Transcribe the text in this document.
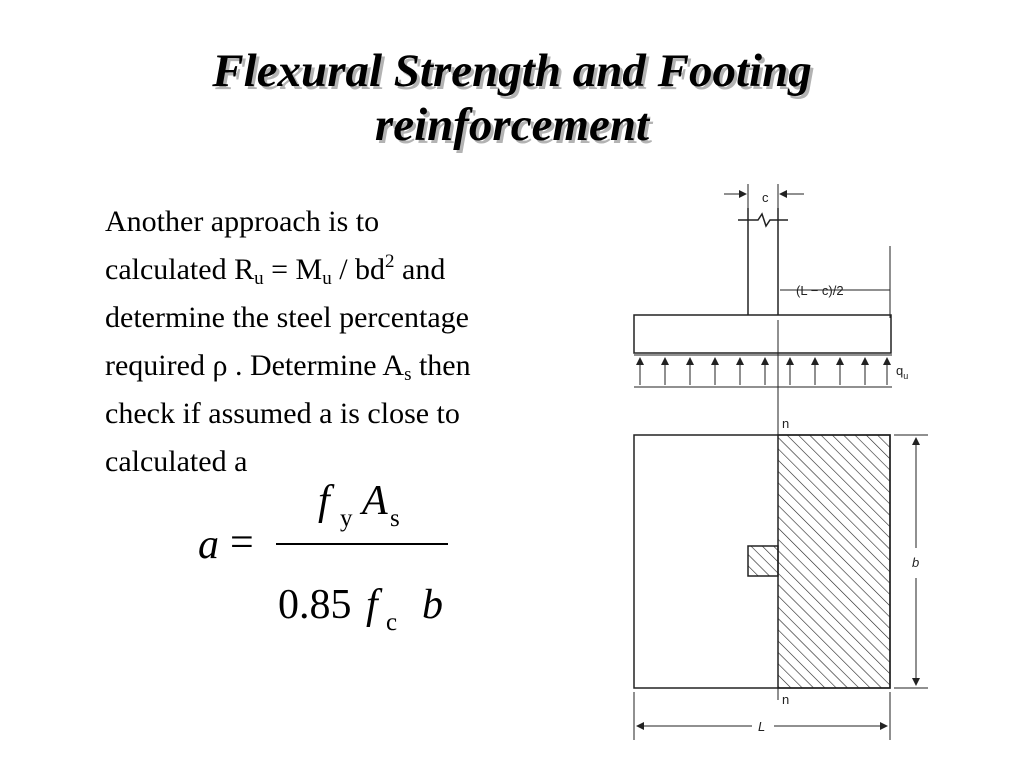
Flexural Strength and Footing
reinforcement
Another approach is to
calculated $R_u = M_u / bd^2$ and
determine the steel percentage
required ρ . Determine $A_s$ then
check if assumed a is close to
calculated a
a =
f y A s
0.85 f c b
c
(L − c)/2
$q_u$
n
n
b
L
